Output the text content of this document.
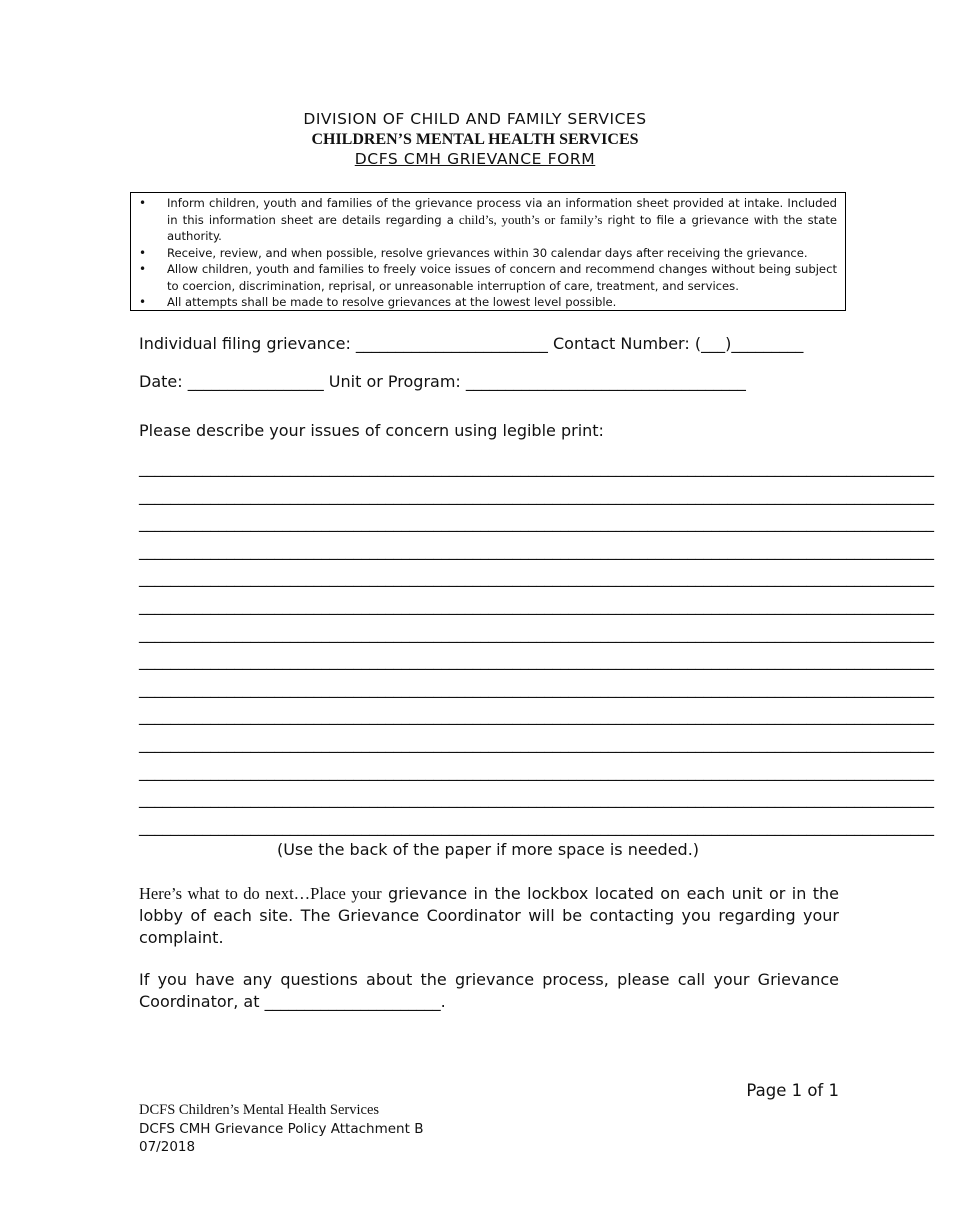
DIVISION OF CHILD AND FAMILY SERVICES
CHILDREN’S MENTAL HEALTH SERVICES
DCFS CMH GRIEVANCE FORM
• Inform children, youth and families of the grievance process via an information sheet provided at intake. Included in this information sheet are details regarding a child’s, youth’s or family’s right to file a grievance with the state authority.
• Receive, review, and when possible, resolve grievances within 30 calendar days after receiving the grievance.
• Allow children, youth and families to freely voice issues of concern and recommend changes without being subject to coercion, discrimination, reprisal, or unreasonable interruption of care, treatment, and services.
• All attempts shall be made to resolve grievances at the lowest level possible.
Individual filing grievance: ________________________ Contact Number: (___)_________
Date: _________________ Unit or Program: ___________________________________
Please describe your issues of concern using legible print:
____________________________________________________________________________________________________
____________________________________________________________________________________________________
____________________________________________________________________________________________________
____________________________________________________________________________________________________
____________________________________________________________________________________________________
____________________________________________________________________________________________________
____________________________________________________________________________________________________
____________________________________________________________________________________________________
____________________________________________________________________________________________________
____________________________________________________________________________________________________
____________________________________________________________________________________________________
____________________________________________________________________________________________________
____________________________________________________________________________________________________
____________________________________________________________________________________________________
(Use the back of the paper if more space is needed.)
Here’s what to do next…Place your grievance in the lockbox located on each unit or in the lobby of each site. The Grievance Coordinator will be contacting you regarding your complaint.
If you have any questions about the grievance process, please call your Grievance Coordinator, at ______________________.
Page 1 of 1
DCFS Children’s Mental Health Services
DCFS CMH Grievance Policy Attachment B
07/2018
